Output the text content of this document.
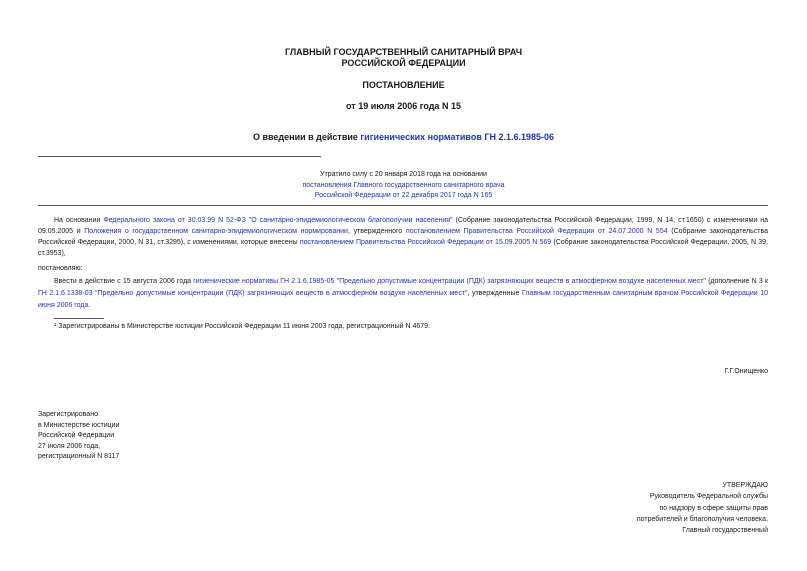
ГЛАВНЫЙ ГОСУДАРСТВЕННЫЙ САНИТАРНЫЙ ВРАЧ
РОССИЙСКОЙ ФЕДЕРАЦИИ
ПОСТАНОВЛЕНИЕ
от 19 июля 2006 года N 15
О введении в действие гигиенических нормативов ГН 2.1.6.1985-06
Утратило силу с 20 января 2018 года на основании
постановления Главного государственного санитарного врача
Российской Федерации от 22 декабря 2017 года N 165
На основании Федерального закона от 30.03.99 N 52-ФЗ "О санитарно-эпидемиологическом благополучии населения" (Собрание законодательства Российской Федерации, 1999, N 14, ст.1650) с изменениями на 09.05.2005 и Положения о государственном санитарно-эпидемиологическом нормировании, утвержденного постановлением Правительства Российской Федерации от 24.07.2000 N 554 (Собрание законодательства Российской Федерации, 2000, N 31, ст.3295), с изменениями, которые внесены постановлением Правительства Российской Федерации от 15.09.2005 N 569 (Собрание законодательства Российской Федерации, 2005, N 39, ст.3953),
постановляю:
Ввести в действие с 15 августа 2006 года гигиенические нормативы ГН 2.1.6.1985-05 "Предельно допустимые концентрации (ПДК) загрязняющих веществ в атмосферном воздухе населенных мест" (дополнение N 3 к ГН 2.1.6.1338-03 "Предельно допустимые концентрации (ПДК) загрязняющих веществ в атмосферном воздухе населенных мест", утвержденные Главным государственным санитарным врачом Российской Федерации 10 июня 2006 года.
¹ Зарегистрированы в Министерстве юстиции Российской Федерации 11 июня 2003 года, регистрационный N 4679.
Г.Г.Онищенко
Зарегистрировано
в Министерстве юстиции
Российской Федерации
27 июля 2006 года,
регистрационный N 8117
УТВЕРЖДАЮ
Руководитель Федеральной службы
по надзору в сфере защиты прав
потребителей и благополучия человека,
Главный государственный
